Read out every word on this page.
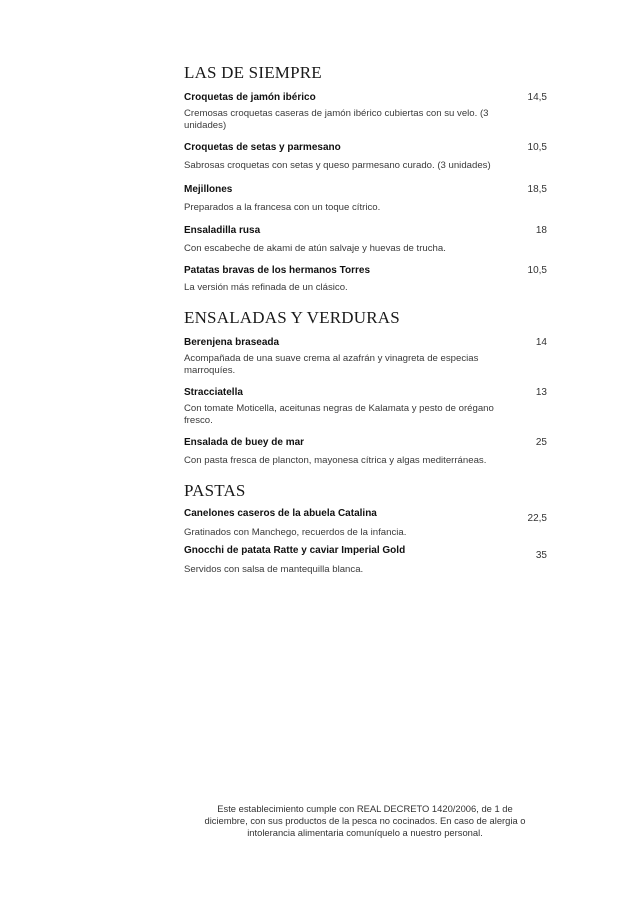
LAS DE SIEMPRE
Croquetas de jamón ibérico	14,5
Cremosas croquetas caseras de jamón ibérico cubiertas con su velo. (3 unidades)
Croquetas de setas y parmesano	10,5
Sabrosas croquetas con setas y queso parmesano curado. (3 unidades)
Mejillones	18,5
Preparados a la francesa con un toque cítrico.
Ensaladilla rusa	18
Con escabeche de akami de atún salvaje y huevas de trucha.
Patatas bravas de los hermanos Torres	10,5
La versión más refinada de un clásico.
ENSALADAS Y VERDURAS
Berenjena braseada	14
Acompañada de una suave crema al azafrán y vinagreta de especias marroquíes.
Stracciatella	13
Con tomate Moticella, aceitunas negras de Kalamata y pesto de orégano fresco.
Ensalada de buey de mar	25
Con pasta fresca de plancton, mayonesa cítrica y algas mediterráneas.
PASTAS
Canelones caseros de la abuela Catalina	22,5
Gratinados con Manchego, recuerdos de la infancia.
Gnocchi de patata Ratte y caviar Imperial Gold	35
Servidos con salsa de mantequilla blanca.
Este establecimiento cumple con REAL DECRETO 1420/2006, de 1 de diciembre, con sus productos de la pesca no cocinados. En caso de alergia o intolerancia alimentaria comuníquelo a nuestro personal.
